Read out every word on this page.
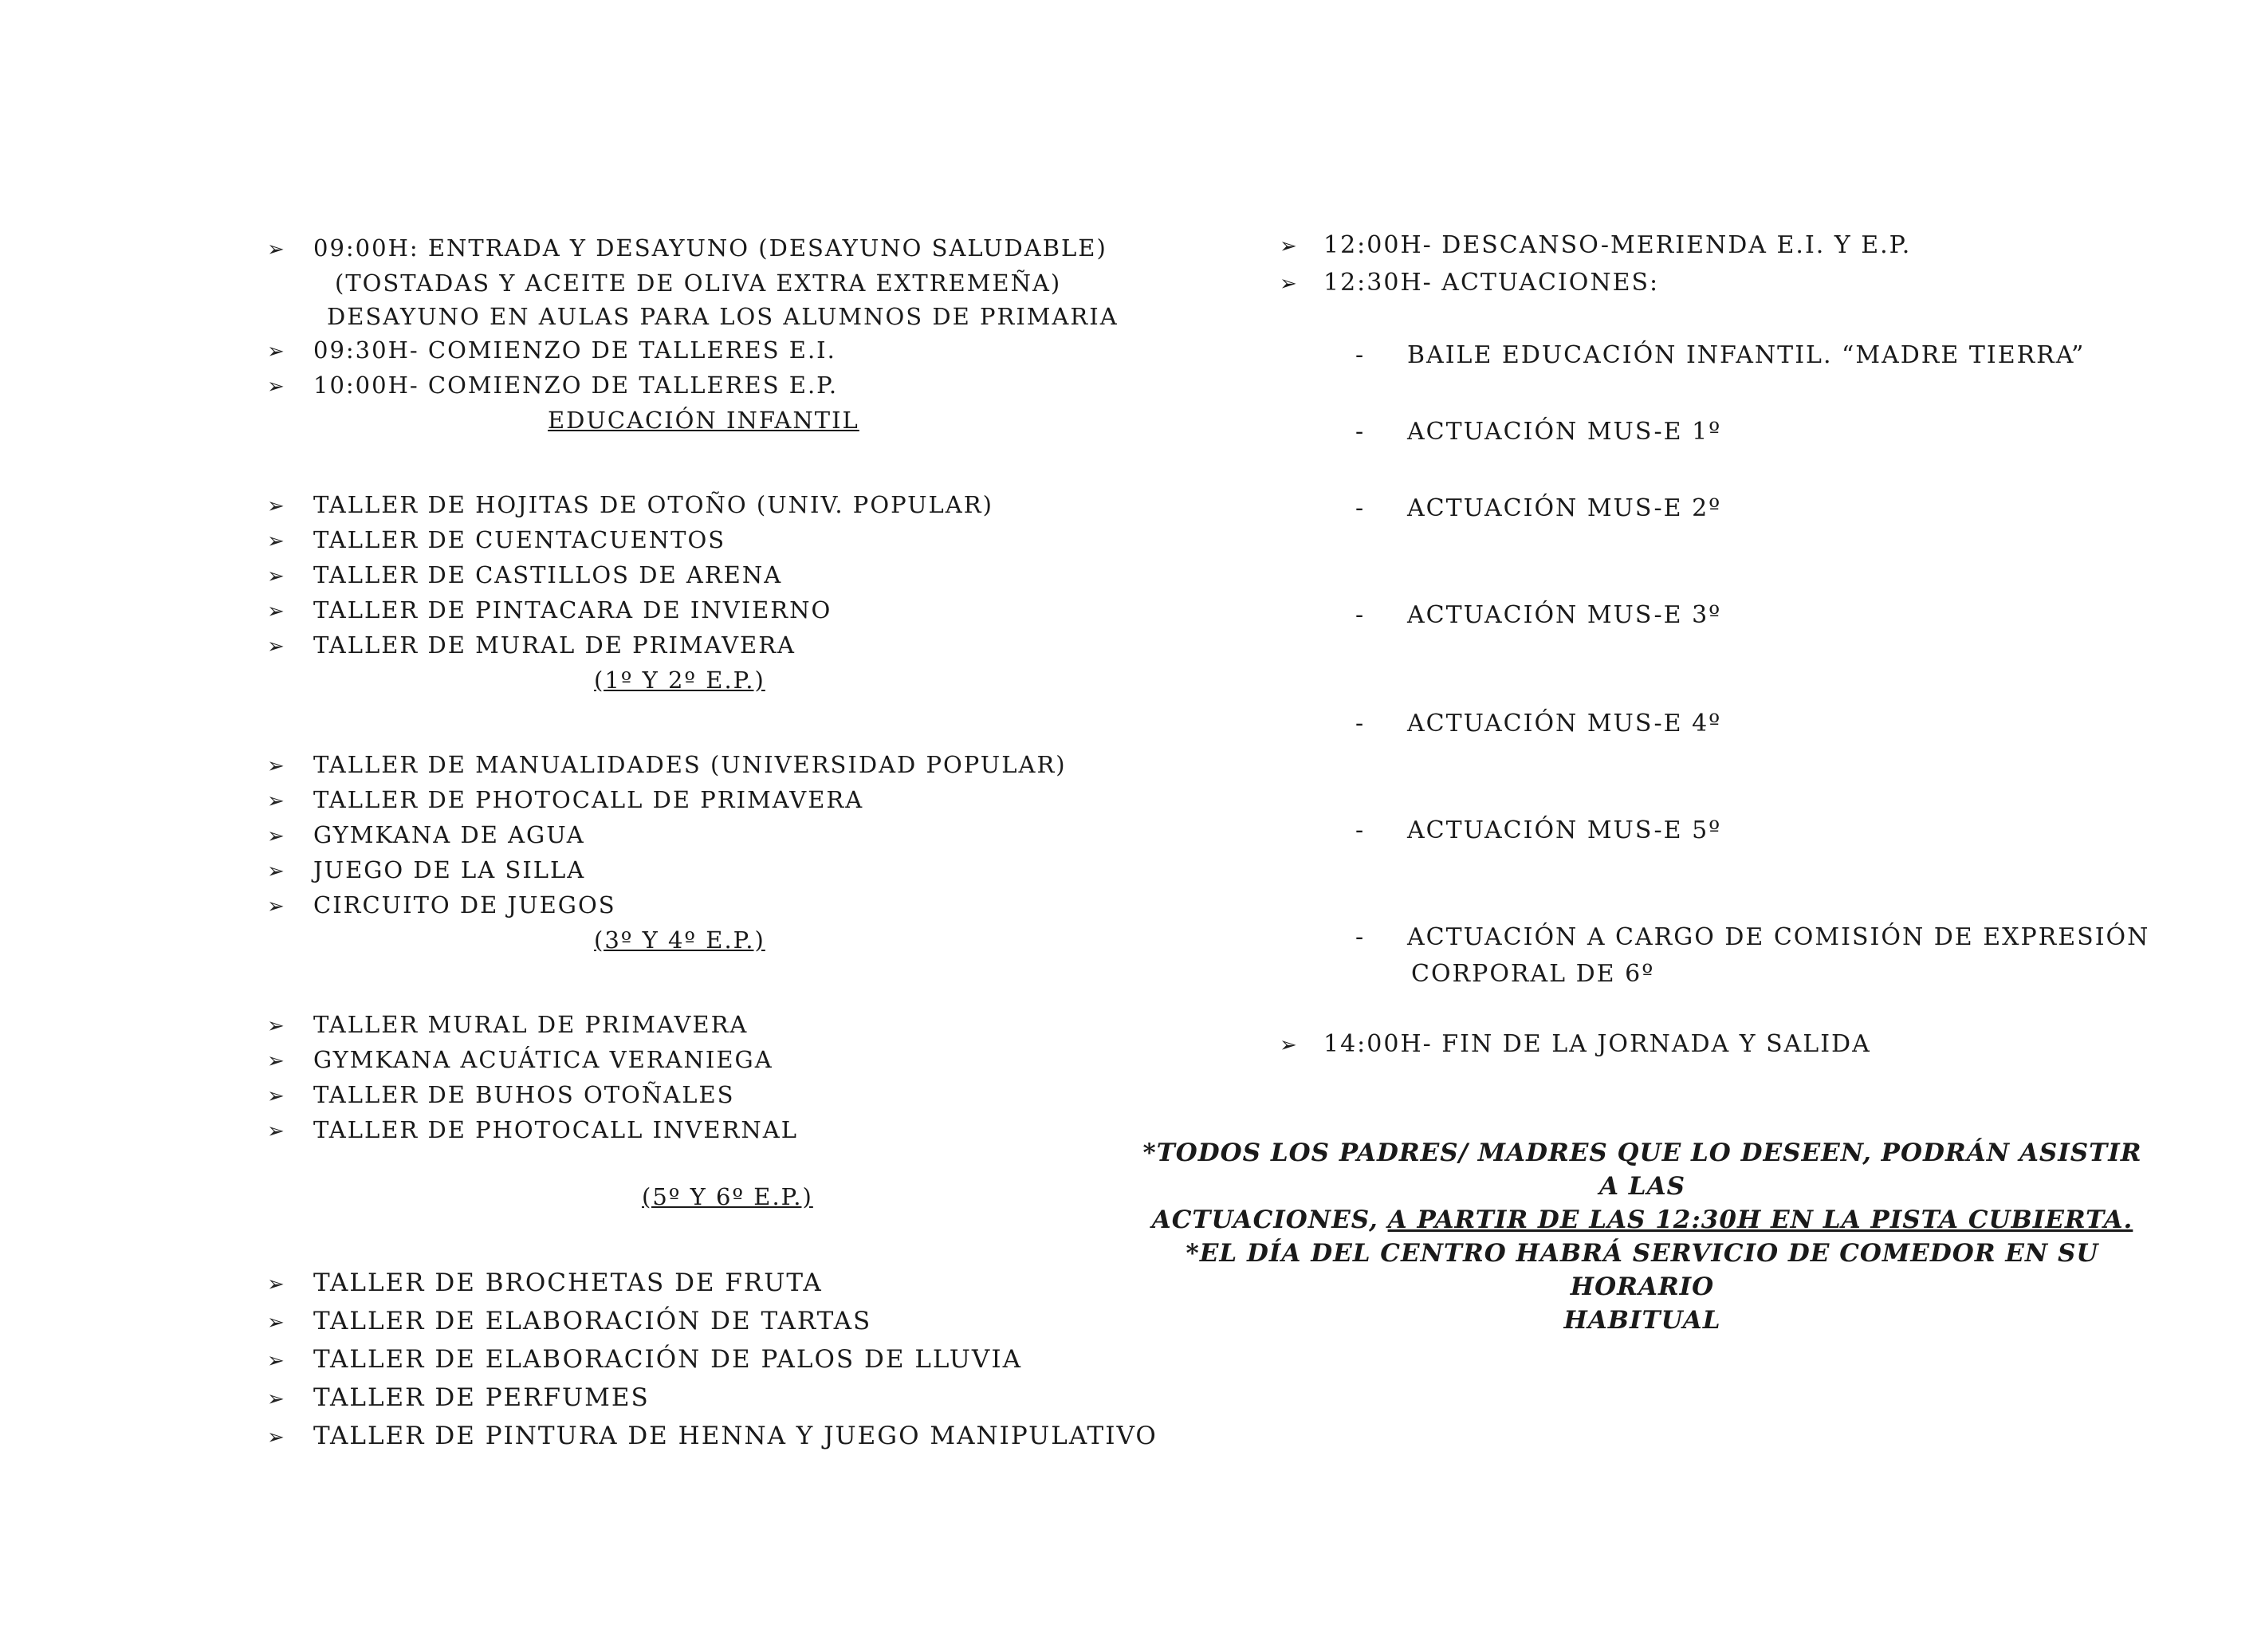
➢	09:00H: ENTRADA Y DESAYUNO (DESAYUNO SALUDABLE)
(TOSTADAS Y ACEITE DE OLIVA EXTRA EXTREMEÑA)
DESAYUNO EN AULAS PARA LOS ALUMNOS DE PRIMARIA
➢	09:30H- COMIENZO DE TALLERES E.I.
➢	10:00H- COMIENZO DE TALLERES E.P.
EDUCACIÓN INFANTIL
➢	TALLER DE HOJITAS DE OTOÑO (UNIV. POPULAR)
➢	TALLER DE CUENTACUENTOS
➢	TALLER DE CASTILLOS DE ARENA
➢	TALLER DE PINTACARA DE INVIERNO
➢	TALLER DE MURAL DE PRIMAVERA
(1º Y 2º E.P.)
➢	TALLER DE MANUALIDADES (UNIVERSIDAD POPULAR)
➢	TALLER DE PHOTOCALL DE PRIMAVERA
➢	GYMKANA DE AGUA
➢	JUEGO DE LA SILLA
➢	CIRCUITO DE JUEGOS
(3º Y 4º E.P.)
➢	TALLER MURAL DE PRIMAVERA
➢	GYMKANA ACUÁTICA VERANIEGA
➢	TALLER DE BUHOS OTOÑALES
➢	TALLER DE PHOTOCALL INVERNAL
(5º Y 6º E.P.)
➢	TALLER DE BROCHETAS DE FRUTA
➢	TALLER DE ELABORACIÓN DE TARTAS
➢	TALLER DE ELABORACIÓN DE PALOS DE LLUVIA
➢	TALLER DE PERFUMES
➢	TALLER DE PINTURA DE HENNA Y JUEGO MANIPULATIVO
➢	12:00H- DESCANSO-MERIENDA E.I. Y E.P.
➢	12:30H- ACTUACIONES:
-	BAILE EDUCACIÓN INFANTIL. “MADRE TIERRA”
-	ACTUACIÓN MUS-E 1º
-	ACTUACIÓN MUS-E 2º
-	ACTUACIÓN MUS-E 3º
-	ACTUACIÓN MUS-E 4º
-	ACTUACIÓN MUS-E 5º
-	ACTUACIÓN A CARGO DE COMISIÓN DE EXPRESIÓN
CORPORAL DE 6º
➢	14:00H- FIN DE LA JORNADA Y SALIDA
*TODOS LOS PADRES/ MADRES QUE LO DESEEN, PODRÁN ASISTIR A LAS
ACTUACIONES, A PARTIR DE LAS 12:30H EN LA PISTA CUBIERTA.
*EL DÍA DEL CENTRO HABRÁ SERVICIO DE COMEDOR EN SU HORARIO
HABITUAL
